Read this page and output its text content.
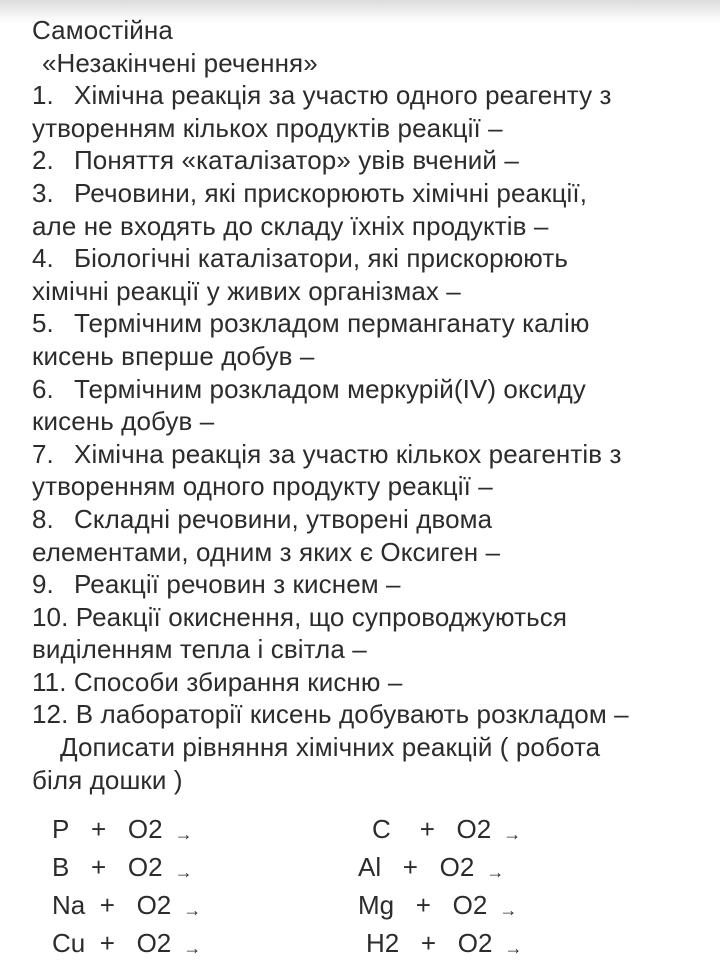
Самостійна
«Незакінчені речення»
1. Хімічна реакція за участю одного реагенту з
утворенням кількох продуктів реакції –
2. Поняття «каталізатор» увів вчений –
3. Речовини, які прискорюють хімічні реакції,
але не входять до складу їхніх продуктів –
4. Біологічні каталізатори, які прискорюють
хімічні реакції у живих організмах –
5. Термічним розкладом перманганату калію
кисень вперше добув –
6. Термічним розкладом меркурій(IV) оксиду
кисень добув –
7. Хімічна реакція за участю кількох реагентів з
утворенням одного продукту реакції –
8. Складні речовини, утворені двома
елементами, одним з яких є Оксиген –
9. Реакції речовин з киснем –
10. Реакції окиснення, що супроводжуються
виділенням тепла і світла –
11. Способи збирання кисню –
12. В лабораторії кисень добувають розкладом –
Дописати рівняння хімічних реакцій ( робота
біля дошки )
P + O2 →
B + O2 →
Na + O2 →
Cu + O2 →
C + O2 →
Al + O2 →
Mg + O2 →
H2 + O2 →
